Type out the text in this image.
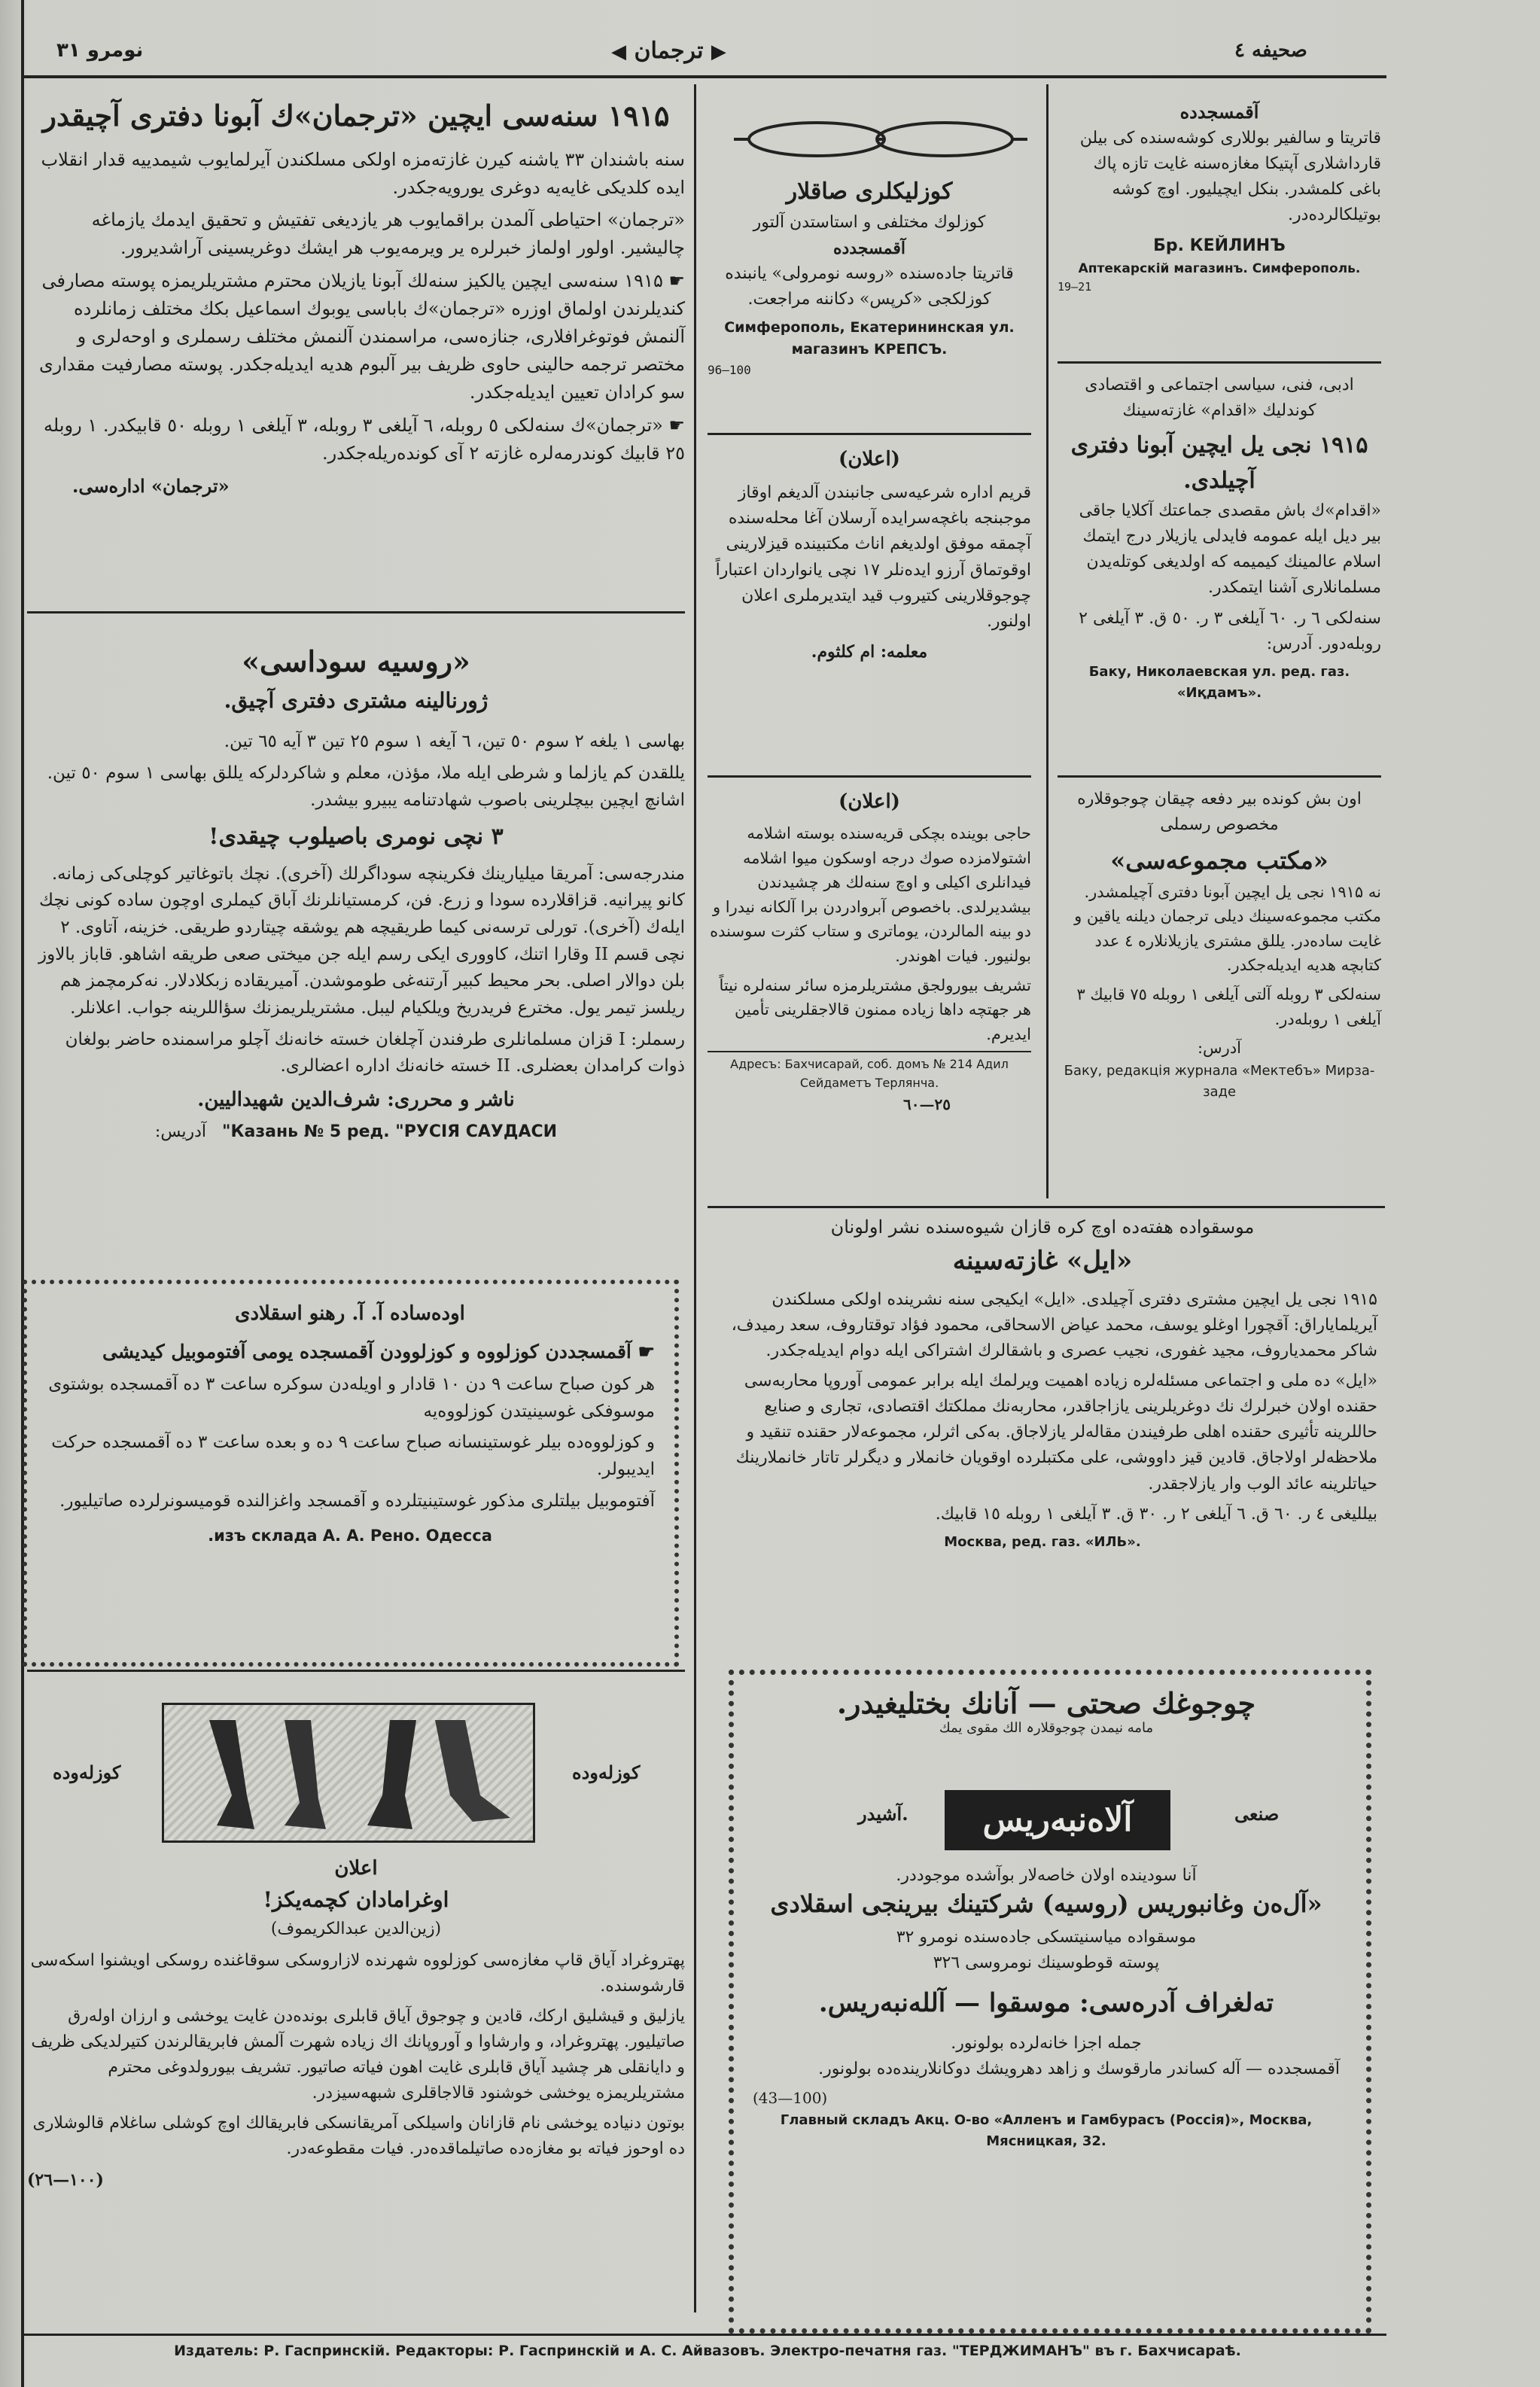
نومرو ۳۱	◀ ترجمان ▶	صحیفه ٤

۱۹۱۵ سنه‌سی ایچین «ترجمان»ك آبونا دفتری آچیقدر

سنه باشندان ۳۳ یاشنه کیرن غازته‌مزه اولکی مسلکندن آیرلمایوب شیمدییه قدار انقلاب ایده کلدیکی غایه‌یه دوغری یورویه‌جکدر.

«ترجمان» احتیاطی آلمدن براقمایوب هر یازدیغی تفتیش و تحقیق ایدمك یازماغه چالیشیر. اولور اولماز خبرلره یر ویرمه‌یوب هر ایشك دوغریسینی آراشدیرور.

☛ ۱۹۱۵ سنه‌سی ایچین یالکیز سنه‌لك آبونا یازیلان محترم مشتریلریمزه پوسته مصارفی کندیلرندن اولماق اوزره «ترجمان»ك باباسی یوبوك اسماعیل بکك مختلف زمانلرده آلنمش فوتوغرافلاری، جنازه‌سی، مراسمندن آلنمش مختلف رسملری و اوحه‌لری و مختصر ترجمه حالینی حاوی ظریف بیر آلبوم هدیه ایدیله‌جکدر. پوسته مصارفیت مقداری سو کرادان تعیین ایدیله‌جکدر.

☛ «ترجمان»ك سنه‌لکی ٥ روبله، ٦ آیلغی ۳ روبله، ۳ آیلغی ۱ روبله ٥٠ قابیکدر. ۱ روبله ۲٥ قابیك کوندرمه‌لره غازته ۲ آی کونده‌ریله‌جکدر.

«ترجمان» اداره‌سی.

«روسیه سوداسی»

ژورنالینه مشتری دفتری آچیق.

بهاسی ۱ یلغه ۲ سوم ٥٠ تین، ٦ آیغه ۱ سوم ۲٥ تین ۳ آیه ٦٥ تین.

یللقدن کم یازلما و شرطی ایله ملا، مؤذن، معلم و شاکردلرکه یللق بهاسی ۱ سوم ٥٠ تین. اشانچ ایچین بیچلرینی باصوب شهادتنامه یبیرو بیشدر.

۳ نچی نومری باصیلوب چیقدی!

مندرجه‌سی: آمریقا میلیارینك فکرینچه سوداگرلك (آخری). نچك باتوغاتیر کوچلی‌کی زمانه. کانو پیرانیه. قزاقلارده سودا و زرع. فن، کرمستیانلرنك آباق کیملری اوچون ساده کونی نچك ایله‌ك (آخری). تورلی ترسه‌نی کیما طریقیچه هم یوشقه چیتاردو طریقی. خزینه، آتاوی. ۲ نچی قسم II وقارا اتنك، کاووری ایکی رسم ایله جن میختی صعی طریقه اشاهو. قاباز بالاوز بلن دوالار اصلی. بحر محیط کبیر آرتنه‌غی طوموشدن. آمیریقاده زبکلادلار. نه‌کرمچمز هم ریلسز تیمر یول. مخترع فریدریخ ویلکیام لیبل. مشتریلریمزنك سؤاللرینه جواب. اعلانلر.

رسملر: I قزان مسلمانلری طرفندن آچلغان خسته خانه‌نك آچلو مراسمنده حاضر بولغان ذوات کرامدان بعضلری. II خسته خانه‌نك اداره اعضالری.

ناشر و محرری: شرف‌الدین شهیدالیین.

Казань № 5 ред. "РУСІЯ САУДАСИ"   آدریس:

اوده‌ساده آ. آ. رهنو اسقلادی

☛ آقمسجددن کوزلووه و کوزلوودن آقمسجده یومی آفتوموبیل کیدیشی

هر کون صباح ساعت ۹ دن ۱۰ قادار و اویله‌دن سوکره ساعت ۳ ده آقمسجده بوشتوی موسوفکی غوسینیتدن کوزلووه‌یه

و کوزلووه‌ده بیلر غوستینسانه صباح ساعت ۹ ده و بعده ساعت ۳ ده آقمسجده حرکت ایدیبولر.

آفتوموبیل بیلتلری مذکور غوستینیتلرده و آقمسجد واغزالنده قومیسونرلرده صاتیلیور.

изъ склада А. А. Рено. Одесса.

کوزله‌وده	کوزله‌وده

اعلان

اوغرامادان کچمه‌یکز!

(زین‌الدین عبدالکریموف)

پهتروغراد آیاق قاپ مغازه‌سی کوزلووه شهرنده لازاروسکی سوقاغنده روسکی اویشنوا اسکه‌سی قارشوسنده.

یازلیق و قیشلیق ارکك، قادین و چوجوق آیاق قابلری بونده‌دن غایت یوخشی و ارزان اوله‌رق صاتیلیور. پهتروغراد، و وارشاوا و آوروپانك اك زیاده شهرت آلمش فابریقالرندن کتیرلدیکی ظریف و دایانقلی هر چشید آیاق قابلری غایت اهون فیاته صاتیور. تشریف بیورولدوغی محترم مشتریلریمزه یوخشی خوشنود قالاجاقلری شبهه‌سیزدر.

بوتون دنیاده یوخشی نام قازانان واسیلکی آمریقانسکی فابریقالك اوچ کوشلی ساغلام قالوشلاری ده اوحوز فیاته بو مغازه‌ده صاتیلماقده‌در. فیات مقطوعه‌در.

(۲٦—۱۰۰)

کوزلیکلری صاقلار

کوزلوك مختلفی و استاستدن آلتور

آقمسجدده

قاتریتا جاده‌سنده «روسه نومرولی» یانبنده کوزلکجی «کرپس» دکاننه مراجعت.

Симферополь, Екатерининская ул.

магазинъ КРЕПСЪ.

96—100

(اعلان)

قریم اداره شرعیه‌سی جانبندن آلدیغم اوقاز موجبنجه باغچه‌سرایده آرسلان آغا محله‌سنده آچمقه موفق اولدیغم اناث مکتبینده قیزلارینی اوقوتماق آرزو ایده‌نلر ۱۷ نچی یانواردان اعتباراً چوجوقلارینی کتیروب قید ایتدیرملری اعلان اولنور.

معلمه: ام کلثوم.

(اعلان)

حاجی بوینده بچکی قریه‌سنده بوسته اشلامه اشتولامزده صوك درجه اوسکون میوا اشلامه فیدانلری اکیلی و اوچ سنه‌لك هر چشیدندن بیشدیرلدی. باخصوص آبروادردن برا آلکانه نیدرا و دو بینه المالردن، یوماتری و ستاب کثرت سوسنده بولنیور. فیات اهوندر.

تشریف بیورولجق مشتریلرمزه سائر سنه‌لره نیتاً هر جهتچه داها زیاده ممنون قالاجقلرینی تأمین ایدیرم.

Адресъ: Бахчисарай, соб. домъ № 214 Адил Сейдаметъ Терлянча.

٦٠—۲٥

آقمسجدده

قاتریتا و سالفیر بوللاری کوشه‌سنده کی بیلن قارداشلاری آپتیکا مغازه‌سنه غایت تازه پاك باغی کلمشدر. بنکل ایچیلیور. اوچ کوشه بوتیلکالرده‌در.

Бр. КЕЙЛИНЪ

Аптекарскій магазинъ. Симферополь.

19—21

ادبی، فنی، سیاسی اجتماعی و اقتصادی کوندلیك «اقدام» غازته‌سینك

۱۹۱۵ نجی یل ایچین آبونا دفتری آچیلدی.

«اقدام»ك باش مقصدی جماعتك آکلایا جاقی بیر دیل ایله عمومه فایدلی یازیلار درج ایتمك اسلام عالمینك کیمیمه که اولدیغی کوتله‌یدن مسلمانلاری آشنا ایتمکدر.

سنه‌لکی ٦ ر. ٦٠ آیلغی ۳ ر. ٥٠ ق. ۳ آیلغی ۲ روبله‌دور. آدرس:

Баку, Николаевская ул. ред. газ. «Иқдамъ».

اون بش کونده بیر دفعه چیقان چوجوقلاره مخصوص رسملی

«مکتب مجموعه‌سی»

نه ۱۹۱۵ نجی یل ایچین آبونا دفتری آچیلمشدر. مکتب مجموعه‌سینك دیلی ترجمان دیلنه یاقین و غایت ساده‌در. یللق مشتری یازیلانلاره ٤ عدد کتابچه هدیه ایدیله‌جکدر.

سنه‌لکی ۳ روبله آلتی آیلغی ۱ روبله ۷٥ قابیك ۳ آیلغی ۱ روبله‌در.

آدرس:

Баку, редакція журнала «Мектебъ» Мирза-заде

موسقواده هفته‌ده اوچ کره قازان شیوه‌سنده نشر اولونان

«ایل» غازته‌سینه

۱۹۱۵ نجی یل ایچین مشتری دفتری آچیلدی. «ایل» ایکیجی سنه نشرینده اولکی مسلکندن آیریلمایاراق: آقچورا اوغلو یوسف، محمد عیاض الاسحاقی، محمود فؤاد توقتاروف، سعد رمیدف، شاکر محمدیاروف، مجید غفوری، نجیب عصری و باشقالرك اشتراکی ایله دوام ایدیله‌جکدر.

«ایل» ده ملی و اجتماعی مسئله‌لره زیاده اهمیت ویرلمك ایله برابر عمومی آوروپا محاربه‌سی حقنده اولان خبرلرك نك دوغریلرینی یازاجاقدر، محاربه‌نك مملکتك اقتصادی، تجاری و صنایع حاللرینه تأثیری حقنده اهلی طرفیندن مقاله‌لر یازلاجاق. به‌کی اثرلر، مجموعه‌لار حقنده تنقید و ملاحظه‌لر اولاجاق. قادین قیز داووشی، علی مکتبلرده اوقویان خانملار و دیگرلر تاتار خانملارینك حیاتلرینه عائد الوب وار یازلاجقدر.

بیللیغی ٤ ر. ٦٠ ق. ٦ آیلغی ۲ ر. ۳۰ ق. ۳ آیلغی ۱ روبله ۱٥ قابیك.

Москва, ред. газ. «ИЛЬ».

چوجوغك صحتی — آنانك بختلیغیدر.

مامه نیمدن چوجوقلارہ الك مقوی یمك

صنعی
آلاه‌نبه‌ریس
آشیدر.

آنا سودینده اولان خاصه‌لار بوآشده موجوددر.

«آل‌ه‌ن وغانبوریس (روسیه) شرکتینك بیرینجی اسقلادی

موسقواده میاسنیتسکی جاده‌سنده نومرو ۳۲

پوسته قوطوسینك نومروسی ۳۲٦

تەلغراف آدرەسی: موسقوا — آللەنبەریس.

جمله اجزا خانه‌لرده بولونور.

آقمسجدده — آله کساندر مارقوسك و زاهد دهرویشك دوکانلارینده‌ده بولونور.

(43—100)

Главный складъ Акц. О-во «Алленъ и Гамбурасъ (Россія)», Москва, Мясницкая, 32.

Издатель: Р. Гаспринскій. Редакторы: Р. Гаспринскій и А. С. Айвазовъ. Электро-печатня газ. "ТЕРДЖИМАНЪ" въ г. Бахчисараѣ.
